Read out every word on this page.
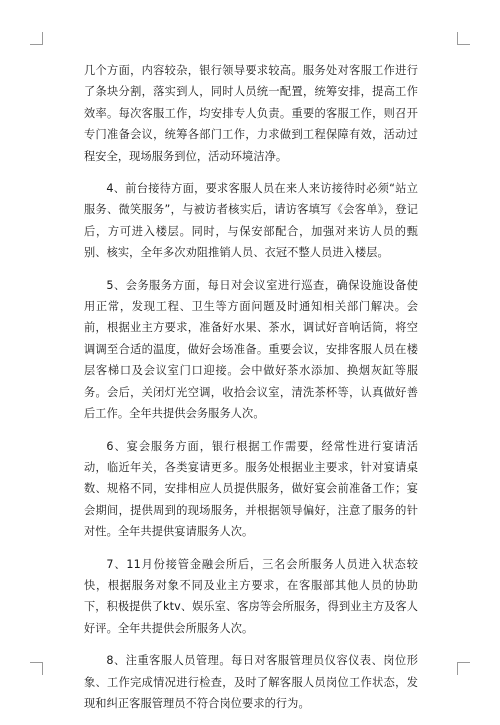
几个方面，内容较杂，银行领导要求较高。服务处对客服工作进行了条块分割，落实到人，同时人员统一配置，统筹安排，提高工作效率。每次客服工作，均安排专人负责。重要的客服工作，则召开专门准备会议，统筹各部门工作，力求做到工程保障有效，活动过程安全，现场服务到位，活动环境洁净。

4、前台接待方面，要求客服人员在来人来访接待时必须“站立服务、微笑服务”，与被访者核实后，请访客填写《会客单》，登记后，方可进入楼层。同时，与保安部配合，加强对来访人员的甄别、核实，全年多次劝阻推销人员、衣冠不整人员进入楼层。

5、会务服务方面，每日对会议室进行巡查，确保设施设备使用正常，发现工程、卫生等方面问题及时通知相关部门解决。会前，根据业主方要求，准备好水果、茶水，调试好音响话筒，将空调调至合适的温度，做好会场准备。重要会议，安排客服人员在楼层客梯口及会议室门口迎接。会中做好茶水添加、换烟灰缸等服务。会后，关闭灯光空调，收拾会议室，清洗茶杯等，认真做好善后工作。全年共提供会务服务人次。

6、宴会服务方面，银行根据工作需要，经常性进行宴请活动，临近年关，各类宴请更多。服务处根据业主要求，针对宴请桌数、规格不同，安排相应人员提供服务，做好宴会前准备工作；宴会期间，提供周到的现场服务，并根据领导偏好，注意了服务的针对性。全年共提供宴请服务人次。

7、11月份接管金融会所后，三名会所服务人员进入状态较快，根据服务对象不同及业主方要求，在客服部其他人员的协助下，积极提供了ktv、娱乐室、客房等会所服务，得到业主方及客人好评。全年共提供会所服务人次。

8、注重客服人员管理。每日对客服管理员仪容仪表、岗位形象、工作完成情况进行检查，及时了解客服人员岗位工作状态，发现和纠正客服管理员不符合岗位要求的行为。
